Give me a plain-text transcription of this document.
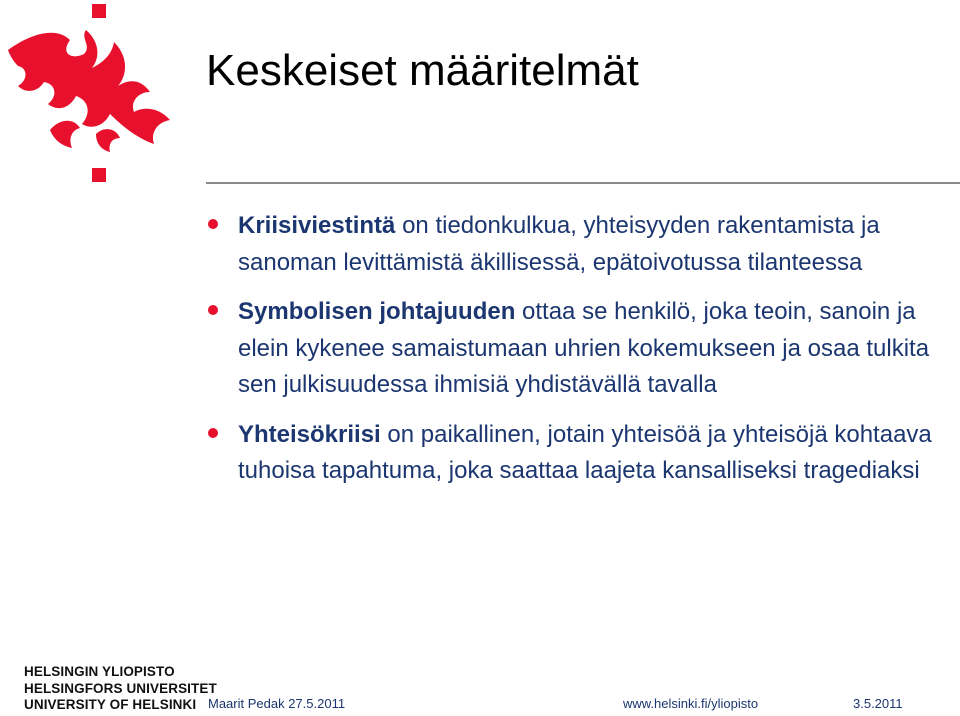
Keskeiset määritelmät
Kriisiviestintä on tiedonkulkua, yhteisyyden rakentamista ja sanoman levittämistä äkillisessä, epätoivotussa tilanteessa
Symbolisen johtajuuden ottaa se henkilö, joka teoin, sanoin ja elein kykenee samaistumaan uhrien kokemukseen ja osaa tulkita sen julkisuudessa ihmisiä yhdistävällä tavalla
Yhteisökriisi on paikallinen, jotain yhteisöä ja yhteisöjä kohtaava tuhoisa tapahtuma, joka saattaa laajeta kansalliseksi tragediaksi
HELSINGIN YLIOPISTO
HELSINGFORS UNIVERSITET
UNIVERSITY OF HELSINKI Maarit Pedak 27.5.2011	www.helsinki.fi/yliopisto	3.5.2011
